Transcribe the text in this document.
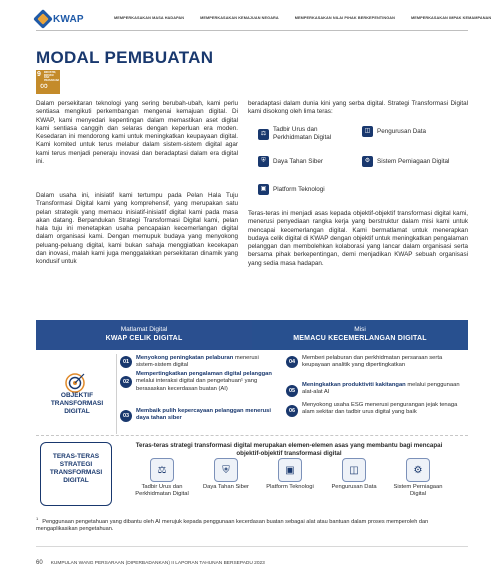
KWAP	MEMPERKASAKAN MASA HADAPAN	MEMPERKASAKAN KEMAJUAN NEGARA	MEMPERKASAKAN NILAI PIHAK BERKEPENTINGAN	MEMPERKASAKAN IMPAK KEMAMPANAN
MODAL PEMBUATAN
9 INDUSTRI, INOVASI DAN PRASARANA
∞

Dalam persekitaran teknologi yang sering berubah-ubah, kami perlu sentiasa mengikuti perkembangan mengenai kemajuan digital. Di KWAP, kami menyedari kepentingan dalam memastikan aset digital kami sentiasa canggih dan selaras dengan keperluan era moden. Kesedaran ini mendorong kami untuk meningkatkan keupayaan digital. Kami komited untuk terus melabur dalam sistem-sistem digital agar kami terus menjadi peneraju inovasi dan beradaptasi dalam era digital ini.

Dalam usaha ini, inisiatif kami tertumpu pada Pelan Hala Tuju Transformasi Digital kami yang komprehensif, yang merupakan satu pelan strategik yang memacu inisiatif-inisiatif digital kami pada masa akan datang. Berpandukan Strategi Transformasi Digital kami, pelan hala tuju ini menetapkan usaha pencapaian kecemerlangan digital dalam organisasi kami. Dengan memupuk budaya yang menyokong peluang-peluang digital, kami bukan sahaja menggiatkan kecekapan dan inovasi, malah kami juga menggalakkan persekitaran dinamik yang kondusif untuk

beradaptasi dalam dunia kini yang serba digital. Strategi Transformasi Digital kami disokong oleh lima teras:

⚖
Tadbir Urus dan Perkhidmatan Digital
◫	Pengurusan Data
⛨	Daya Tahan Siber	⚙	Sistem Perniagaan Digital
▣	Platform Teknologi

Teras-teras ini menjadi asas kepada objektif-objektif transformasi digital kami, menerusi penyediaan rangka kerja yang berstruktur dalam misi kami untuk mencapai kecemerlangan digital. Kami bermatlamat untuk menerapkan budaya celik digital di KWAP dengan objektif untuk meningkatkan pengalaman pelanggan dan membolehkan kolaborasi yang lancar dalam organisasi serta bersama pihak berkepentingan, demi menjadikan KWAP sebuah organisasi yang sedia masa hadapan.

Matlamat Digital
KWAP CELIK DIGITAL
Misi
MEMACU KECEMERLANGAN DIGITAL
OBJEKTIF TRANSFORMASI DIGITAL
01
Menyokong peningkatan pelaburan menerusi sistem-sistem digital
02
Mempertingkatkan pengalaman digital pelanggan melalui interaksi digital dan pengetahuan¹ yang berasaskan kecerdasan buatan (AI)
03
Membaik pulih kepercayaan pelanggan menerusi daya tahan siber
04
Memberi pelaburan dan perkhidmatan persaraan serta keupayaan analitik yang dipertingkatkan
05
Meningkatkan produktiviti kakitangan melalui penggunaan alat-alat AI
06
Menyokong usaha ESG menerusi pengurangan jejak tenaga alam sekitar dan tadbir urus digital yang baik
TERAS-TERAS STRATEGI TRANSFORMASI DIGITAL
Teras-teras strategi transformasi digital merupakan elemen-elemen asas yang membantu bagi mencapai objektif-objektif transformasi digital
⚖
Tadbir Urus dan Perkhidmatan Digital
⛨
Daya Tahan Siber
▣
Platform Teknologi
◫
Pengurusan Data
⚙
Sistem Perniagaan Digital
$^1$Penggunaan pengetahuan yang dibantu oleh AI merujuk kepada penggunaan kecerdasan buatan sebagai alat atau bantuan dalam proses memperoleh dan mengaplikasikan pengetahuan.
60 KUMPULAN WANG PERSARAAN (DIPERBADANKAN) II LAPORAN TAHUNAN BERSEPADU 2023
